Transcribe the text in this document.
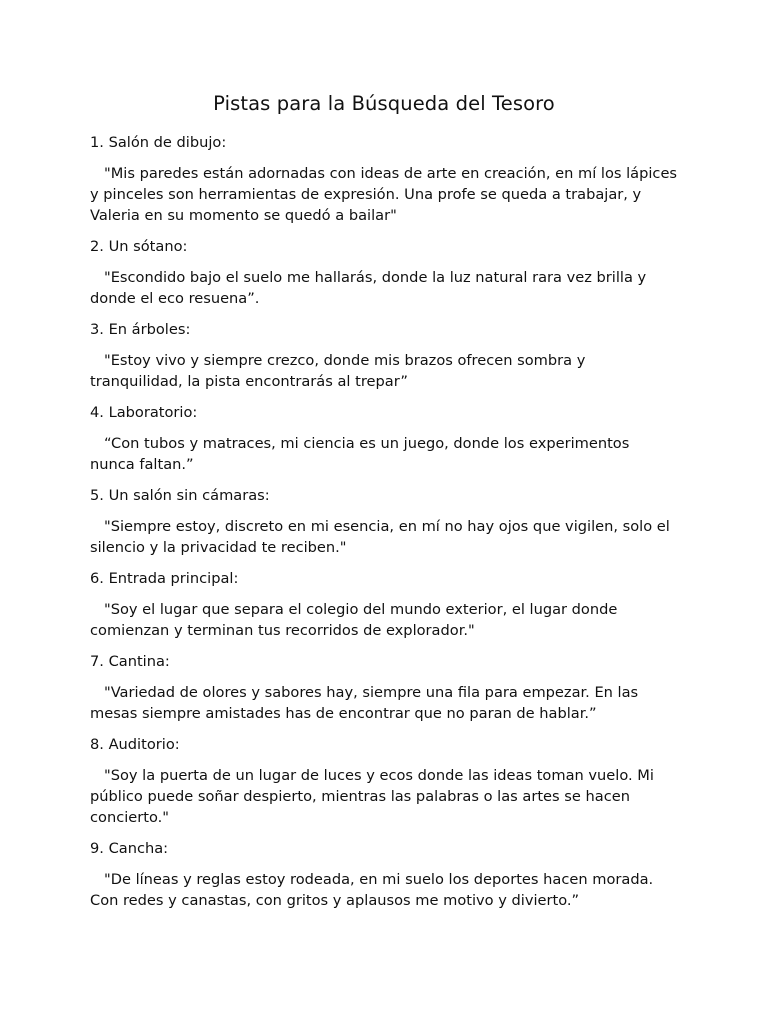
Pistas para la Búsqueda del Tesoro

1. Salón de dibujo:

"Mis paredes están adornadas con ideas de arte en creación, en mí los lápices y pinceles son herramientas de expresión. Una profe se queda a trabajar, y Valeria en su momento se quedó a bailar"

2. Un sótano:

"Escondido bajo el suelo me hallarás, donde la luz natural rara vez brilla y donde el eco resuena”.

3. En árboles:

"Estoy vivo y siempre crezco, donde mis brazos ofrecen sombra y tranquilidad, la pista encontrarás al trepar”

4. Laboratorio:

“Con tubos y matraces, mi ciencia es un juego, donde los experimentos nunca faltan.”

5. Un salón sin cámaras:

"Siempre estoy, discreto en mi esencia, en mí no hay ojos que vigilen, solo el silencio y la privacidad te reciben."

6. Entrada principal:

"Soy el lugar que separa el colegio del mundo exterior, el lugar donde comienzan y terminan tus recorridos de explorador."

7. Cantina:

"Variedad de olores y sabores hay, siempre una fila para empezar. En las mesas siempre amistades has de encontrar que no paran de hablar.”

8. Auditorio:

"Soy la puerta de un lugar de luces y ecos donde las ideas toman vuelo. Mi público puede soñar despierto, mientras las palabras o las artes se hacen concierto."

9. Cancha:

"De líneas y reglas estoy rodeada, en mi suelo los deportes hacen morada. Con redes y canastas, con gritos y aplausos me motivo y divierto.”
